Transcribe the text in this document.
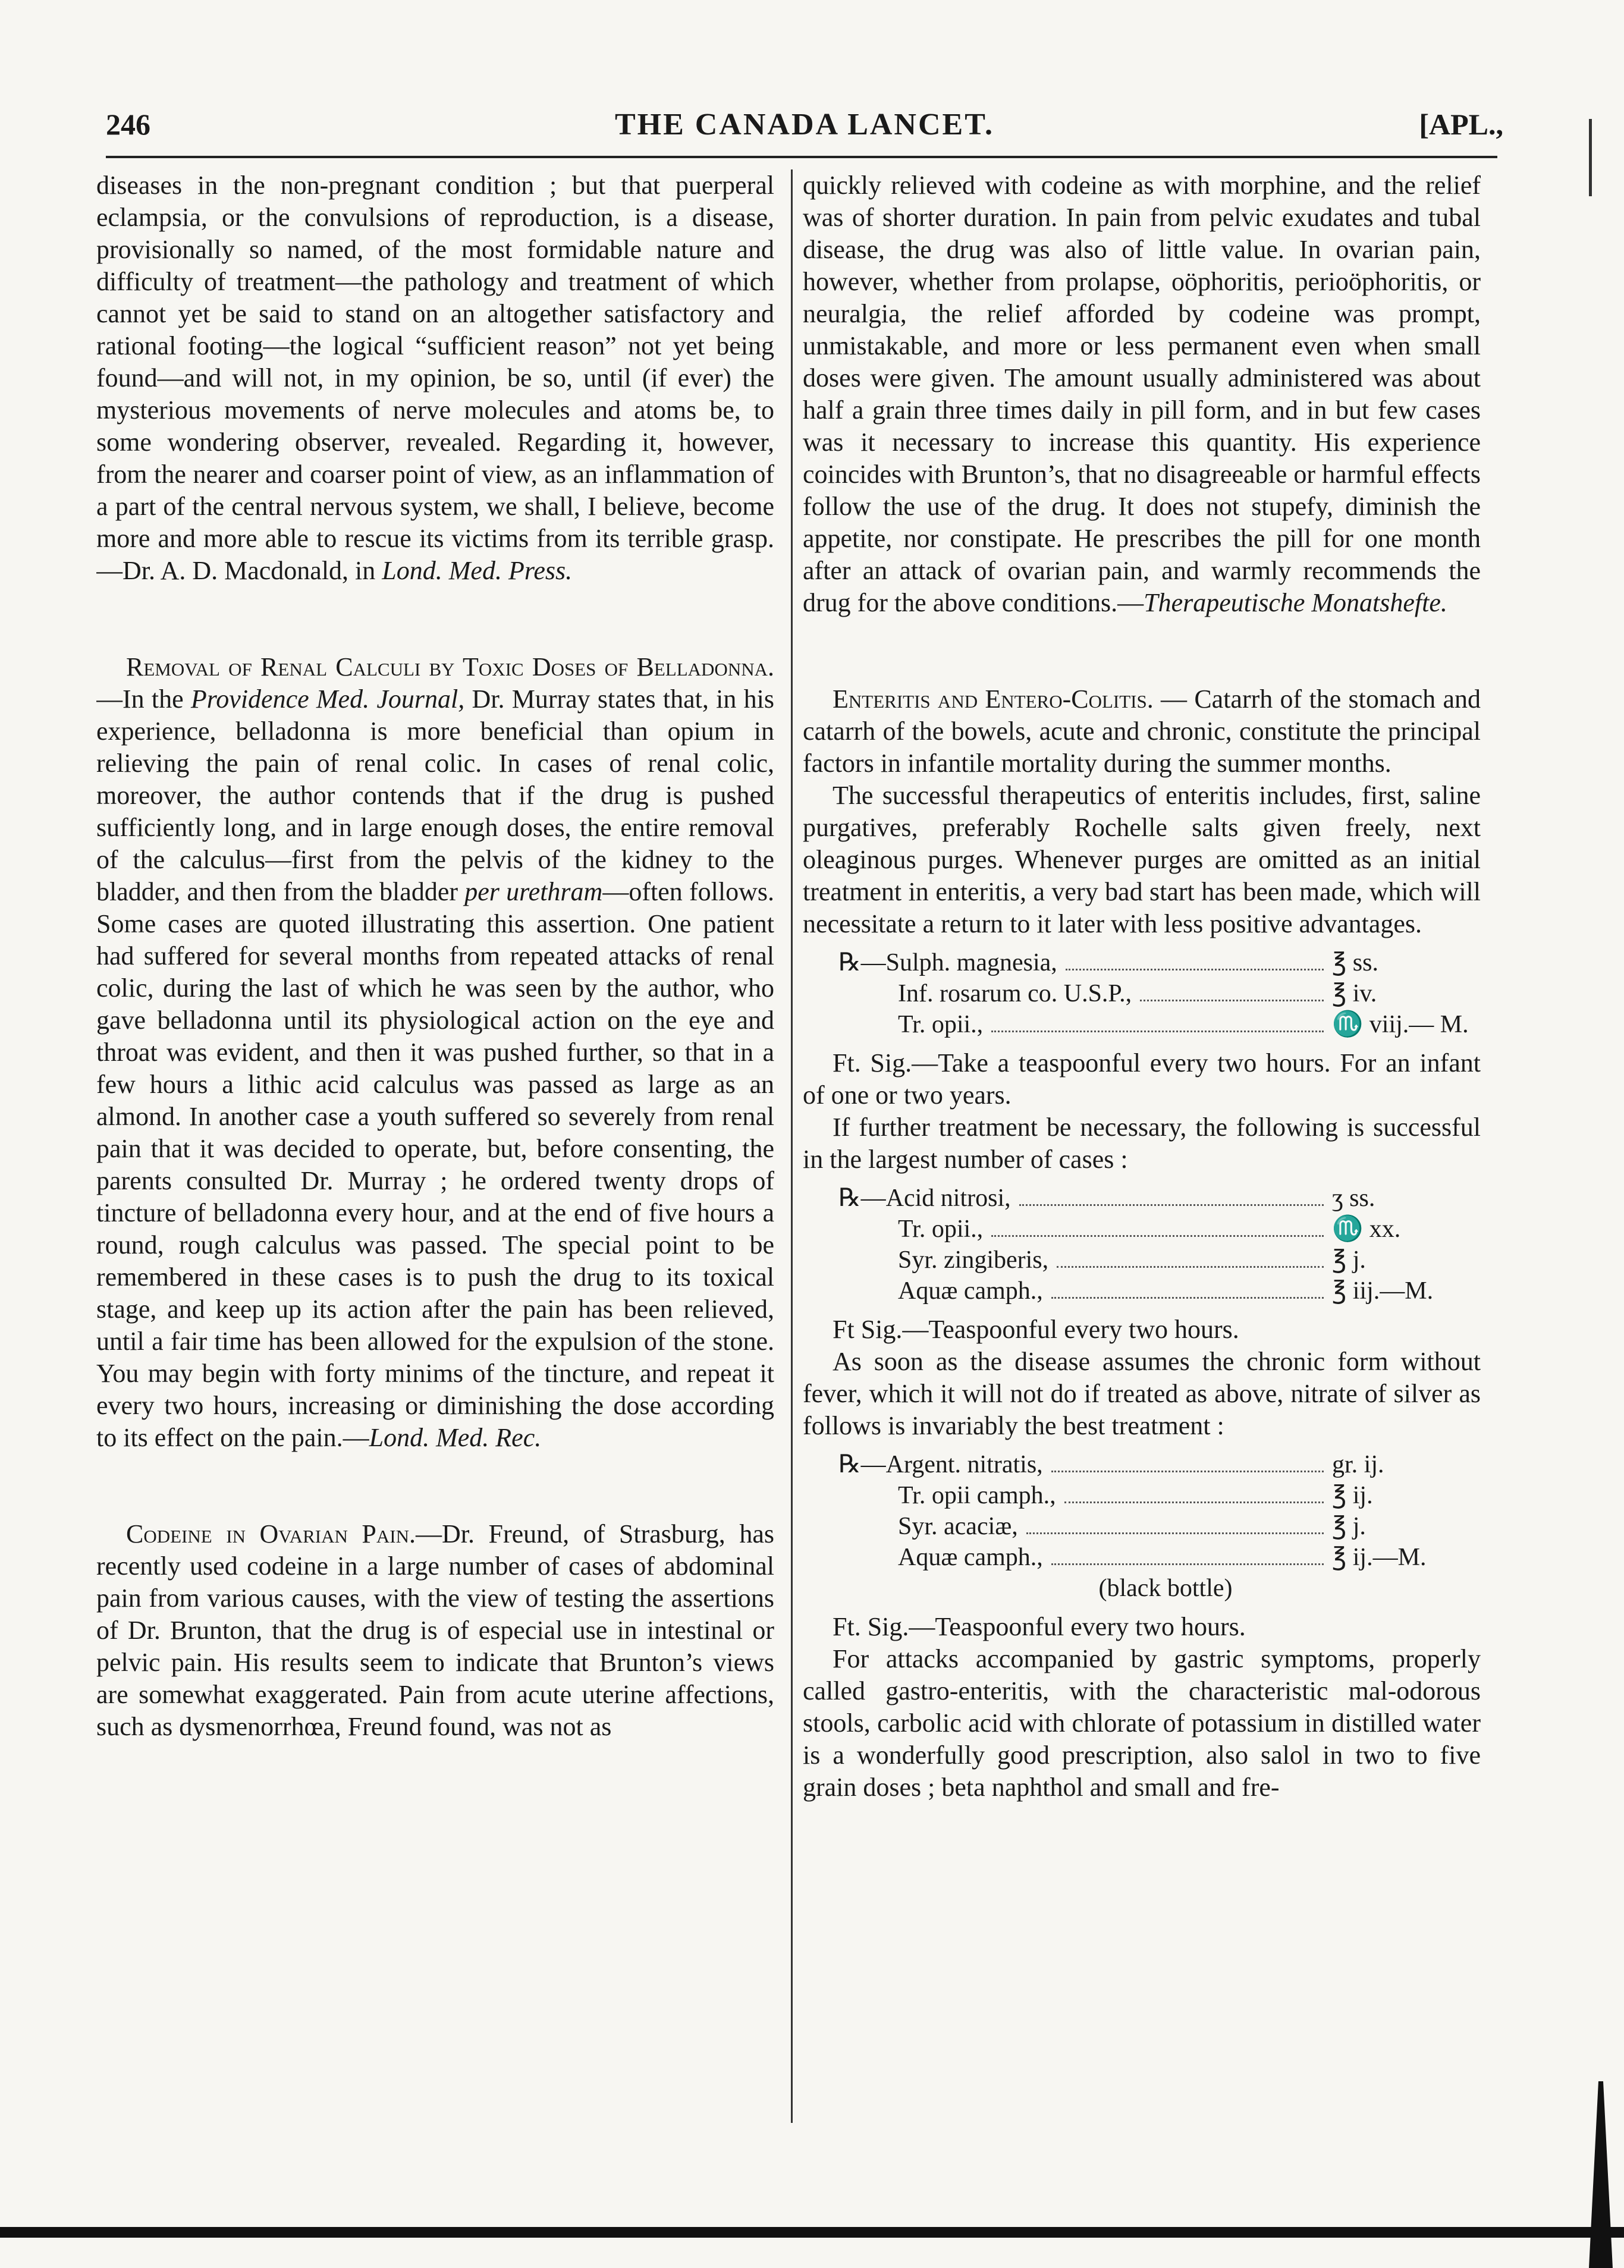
246	THE CANADA LANCET.	[APL.,

diseases in the non-pregnant condition ; but that puerperal eclampsia, or the convulsions of reproduction, is a disease, provisionally so named, of the most formidable nature and difficulty of treatment—the pathology and treatment of which cannot yet be said to stand on an altogether satisfactory and rational footing—the logical “sufficient reason” not yet being found—and will not, in my opinion, be so, until (if ever) the mysterious movements of nerve molecules and atoms be, to some wondering observer, revealed. Regarding it, however, from the nearer and coarser point of view, as an inflammation of a part of the central nervous system, we shall, I believe, become more and more able to rescue its victims from its terrible grasp.—Dr. A. D. Macdonald, in Lond. Med. Press.

Removal of Renal Calculi by Toxic Doses of Belladonna.—In the Providence Med. Journal, Dr. Murray states that, in his experience, belladonna is more beneficial than opium in relieving the pain of renal colic. In cases of renal colic, moreover, the author contends that if the drug is pushed sufficiently long, and in large enough doses, the entire removal of the calculus—first from the pelvis of the kidney to the bladder, and then from the bladder per urethram—often follows. Some cases are quoted illustrating this assertion. One patient had suffered for several months from repeated attacks of renal colic, during the last of which he was seen by the author, who gave belladonna until its physiological action on the eye and throat was evident, and then it was pushed further, so that in a few hours a lithic acid calculus was passed as large as an almond. In another case a youth suffered so severely from renal pain that it was decided to operate, but, before consenting, the parents consulted Dr. Murray ; he ordered twenty drops of tincture of belladonna every hour, and at the end of five hours a round, rough calculus was passed. The special point to be remembered in these cases is to push the drug to its toxical stage, and keep up its action after the pain has been relieved, until a fair time has been allowed for the expulsion of the stone. You may begin with forty minims of the tincture, and repeat it every two hours, increasing or diminishing the dose according to its effect on the pain.—Lond. Med. Rec.

Codeine in Ovarian Pain.—Dr. Freund, of Strasburg, has recently used codeine in a large number of cases of abdominal pain from various causes, with the view of testing the assertions of Dr. Brunton, that the drug is of especial use in intestinal or pelvic pain. His results seem to indicate that Brunton’s views are somewhat exaggerated. Pain from acute uterine affections, such as dysmenorrhœa, Freund found, was not as

quickly relieved with codeine as with morphine, and the relief was of shorter duration. In pain from pelvic exudates and tubal disease, the drug was also of little value. In ovarian pain, however, whether from prolapse, oöphoritis, perioöphoritis, or neuralgia, the relief afforded by codeine was prompt, unmistakable, and more or less permanent even when small doses were given. The amount usually administered was about half a grain three times daily in pill form, and in but few cases was it necessary to increase this quantity. His experience coincides with Brunton’s, that no disagreeable or harmful effects follow the use of the drug. It does not stupefy, diminish the appetite, nor constipate. He prescribes the pill for one month after an attack of ovarian pain, and warmly recommends the drug for the above conditions.—Therapeutische Monatshefte.

Enteritis and Entero-Colitis. — Catarrh of the stomach and catarrh of the bowels, acute and chronic, constitute the principal factors in infantile mortality during the summer months.

The successful therapeutics of enteritis includes, first, saline purgatives, preferably Rochelle salts given freely, next oleaginous purges. Whenever purges are omitted as an initial treatment in enteritis, a very bad start has been made, which will necessitate a return to it later with less positive advantages.

℞—Sulph. magnesia,	℥ ss.
Inf. rosarum co. U.S.P.,	℥ iv.
Tr. opii.,	♏ viij.— M.

Ft. Sig.—Take a teaspoonful every two hours. For an infant of one or two years.

If further treatment be necessary, the following is successful in the largest number of cases :

℞—Acid nitrosi,	ʒ ss.
Tr. opii.,	♏ xx.
Syr. zingiberis,	℥ j.
Aquæ camph.,	℥ iij.—M.

Ft Sig.—Teaspoonful every two hours.

As soon as the disease assumes the chronic form without fever, which it will not do if treated as above, nitrate of silver as follows is invariably the best treatment :

℞—Argent. nitratis,	gr. ij.
Tr. opii camph.,	℥ ij.
Syr. acaciæ,	℥ j.
Aquæ camph.,	℥ ij.—M.
(black bottle)

Ft. Sig.—Teaspoonful every two hours.

For attacks accompanied by gastric symptoms, properly called gastro-enteritis, with the characteristic mal-odorous stools, carbolic acid with chlorate of potassium in distilled water is a wonderfully good prescription, also salol in two to five grain doses ; beta naphthol and small and fre-
